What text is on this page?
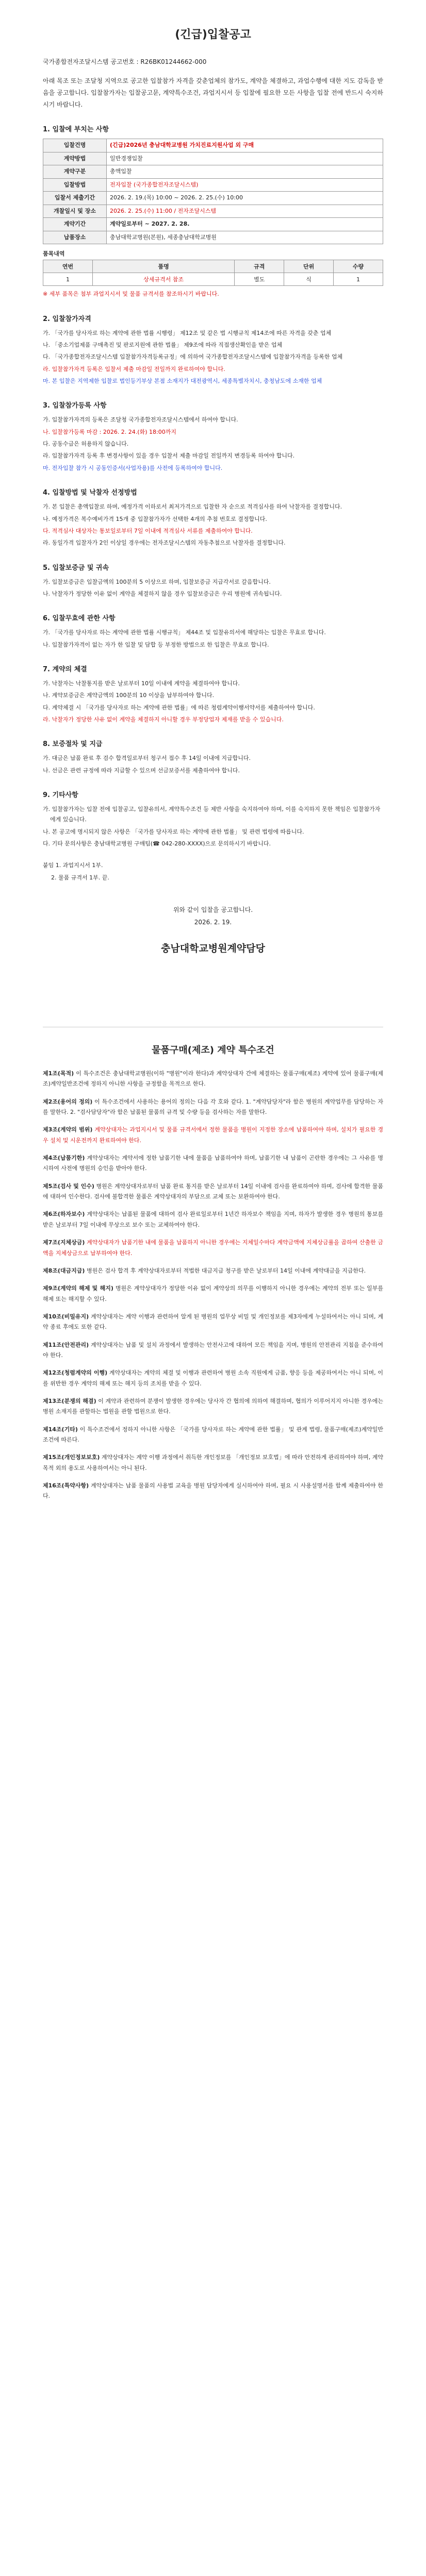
(긴급)입찰공고
국가종합전자조달시스템 공고번호 : R26BK01244662-000
아래 목조 또는 조달청 지역으로 공고한 입찰참가 자격을 갖춘업체의 참가도, 계약을 체결하고, 과업수행에 대한 지도 감독을 받음을 공고합니다. 입찰참가자는 입찰공고문, 계약특수조건, 과업지시서 등 입찰에 필요한 모든 사항을 입찰 전에 반드시 숙지하시기 바랍니다.
1. 입찰에 부치는 사항
입찰건명	(긴급)2026년 충남대학교병원 가치진료지원사업 외 구매
계약방법	일반경쟁입찰
계약구분	총액입찰
입찰방법	전자입찰 (국가종합전자조달시스템)
입찰서 제출기간	2026. 2. 19.(목) 10:00 ~ 2026. 2. 25.(수) 10:00
개찰일시 및 장소	2026. 2. 25.(수) 11:00 / 전자조달시스템
계약기간	계약일로부터 ~ 2027. 2. 28.
납품장소	충남대학교병원(본원), 세종충남대학교병원
품목내역
연번	품명	규격	단위	수량
1	상세규격서 참조	별도	식	1
※ 세부 품목은 첨부 과업지시서 및 물품 규격서를 참조하시기 바랍니다.
2. 입찰참가자격
가. 「국가를 당사자로 하는 계약에 관한 법률 시행령」 제12조 및 같은 법 시행규칙 제14조에 따른 자격을 갖춘 업체
나. 「중소기업제품 구매촉진 및 판로지원에 관한 법률」 제9조에 따라 직접생산확인을 받은 업체
다. 「국가종합전자조달시스템 입찰참가자격등록규정」에 의하여 국가종합전자조달시스템에 입찰참가자격을 등록한 업체
라. 입찰참가자격 등록은 입찰서 제출 마감일 전일까지 완료하여야 합니다.
마. 본 입찰은 지역제한 입찰로 법인등기부상 본점 소재지가 대전광역시, 세종특별자치시, 충청남도에 소재한 업체
3. 입찰참가등록 사항
가. 입찰참가자격의 등록은 조달청 국가종합전자조달시스템에서 하여야 합니다.
나. 입찰참가등록 마감 : 2026. 2. 24.(화) 18:00까지
다. 공동수급은 허용하지 않습니다.
라. 입찰참가자격 등록 후 변경사항이 있을 경우 입찰서 제출 마감일 전일까지 변경등록 하여야 합니다.
마. 전자입찰 참가 시 공동인증서(사업자용)를 사전에 등록하여야 합니다.
4. 입찰방법 및 낙찰자 선정방법
가. 본 입찰은 총액입찰로 하며, 예정가격 이하로서 최저가격으로 입찰한 자 순으로 적격심사를 하여 낙찰자를 결정합니다.
나. 예정가격은 복수예비가격 15개 중 입찰참가자가 선택한 4개의 추첨 번호로 결정합니다.
다. 적격심사 대상자는 통보일로부터 7일 이내에 적격심사 서류를 제출하여야 합니다.
라. 동일가격 입찰자가 2인 이상일 경우에는 전자조달시스템의 자동추첨으로 낙찰자를 결정합니다.
5. 입찰보증금 및 귀속
가. 입찰보증금은 입찰금액의 100분의 5 이상으로 하며, 입찰보증금 지급각서로 갈음합니다.
나. 낙찰자가 정당한 이유 없이 계약을 체결하지 않을 경우 입찰보증금은 우리 병원에 귀속됩니다.
6. 입찰무효에 관한 사항
가. 「국가를 당사자로 하는 계약에 관한 법률 시행규칙」 제44조 및 입찰유의서에 해당하는 입찰은 무효로 합니다.
나. 입찰참가자격이 없는 자가 한 입찰 및 담합 등 부정한 방법으로 한 입찰은 무효로 합니다.
7. 계약의 체결
가. 낙찰자는 낙찰통지를 받은 날로부터 10일 이내에 계약을 체결하여야 합니다.
나. 계약보증금은 계약금액의 100분의 10 이상을 납부하여야 합니다.
다. 계약체결 시 「국가를 당사자로 하는 계약에 관한 법률」에 따른 청렴계약이행서약서를 제출하여야 합니다.
라. 낙찰자가 정당한 사유 없이 계약을 체결하지 아니할 경우 부정당업자 제재를 받을 수 있습니다.
8. 보증절차 및 지급
가. 대금은 납품 완료 후 검수 합격일로부터 청구서 접수 후 14일 이내에 지급합니다.
나. 선금은 관련 규정에 따라 지급할 수 있으며 선금보증서를 제출하여야 합니다.
9. 기타사항
가. 입찰참가자는 입찰 전에 입찰공고, 입찰유의서, 계약특수조건 등 제반 사항을 숙지하여야 하며, 이를 숙지하지 못한 책임은 입찰참가자에게 있습니다.
나. 본 공고에 명시되지 않은 사항은 「국가를 당사자로 하는 계약에 관한 법률」 및 관련 법령에 따릅니다.
다. 기타 문의사항은 충남대학교병원 구매팀(☎ 042-280-XXXX)으로 문의하시기 바랍니다.
붙임 1. 과업지시서 1부.
2. 물품 규격서 1부. 끝.
위와 같이 입찰을 공고합니다.
2026. 2. 19.
충남대학교병원계약담당
물품구매(제조) 계약 특수조건
제1조(목적) 이 특수조건은 충남대학교병원(이하 "병원"이라 한다)과 계약상대자 간에 체결하는 물품구매(제조) 계약에 있어 물품구매(제조)계약일반조건에 정하지 아니한 사항을 규정함을 목적으로 한다.
제2조(용어의 정의) 이 특수조건에서 사용하는 용어의 정의는 다음 각 호와 같다. 1. "계약담당자"라 함은 병원의 계약업무를 담당하는 자를 말한다. 2. "검사담당자"라 함은 납품된 물품의 규격 및 수량 등을 검사하는 자를 말한다.
제3조(계약의 범위) 계약상대자는 과업지시서 및 물품 규격서에서 정한 물품을 병원이 지정한 장소에 납품하여야 하며, 설치가 필요한 경우 설치 및 시운전까지 완료하여야 한다.
제4조(납품기한) 계약상대자는 계약서에 정한 납품기한 내에 물품을 납품하여야 하며, 납품기한 내 납품이 곤란한 경우에는 그 사유를 명시하여 사전에 병원의 승인을 받아야 한다.
제5조(검사 및 인수) 병원은 계약상대자로부터 납품 완료 통지를 받은 날로부터 14일 이내에 검사를 완료하여야 하며, 검사에 합격한 물품에 대하여 인수한다. 검사에 불합격한 물품은 계약상대자의 부담으로 교체 또는 보완하여야 한다.
제6조(하자보수) 계약상대자는 납품된 물품에 대하여 검사 완료일로부터 1년간 하자보수 책임을 지며, 하자가 발생한 경우 병원의 통보를 받은 날로부터 7일 이내에 무상으로 보수 또는 교체하여야 한다.
제7조(지체상금) 계약상대자가 납품기한 내에 물품을 납품하지 아니한 경우에는 지체일수마다 계약금액에 지체상금률을 곱하여 산출한 금액을 지체상금으로 납부하여야 한다.
제8조(대금지급) 병원은 검사 합격 후 계약상대자로부터 적법한 대금지급 청구를 받은 날로부터 14일 이내에 계약대금을 지급한다.
제9조(계약의 해제 및 해지) 병원은 계약상대자가 정당한 이유 없이 계약상의 의무를 이행하지 아니한 경우에는 계약의 전부 또는 일부를 해제 또는 해지할 수 있다.
제10조(비밀유지) 계약상대자는 계약 이행과 관련하여 알게 된 병원의 업무상 비밀 및 개인정보를 제3자에게 누설하여서는 아니 되며, 계약 종료 후에도 또한 같다.
제11조(안전관리) 계약상대자는 납품 및 설치 과정에서 발생하는 안전사고에 대하여 모든 책임을 지며, 병원의 안전관리 지침을 준수하여야 한다.
제12조(청렴계약의 이행) 계약상대자는 계약의 체결 및 이행과 관련하여 병원 소속 직원에게 금품, 향응 등을 제공하여서는 아니 되며, 이를 위반한 경우 계약의 해제 또는 해지 등의 조치를 받을 수 있다.
제13조(분쟁의 해결) 이 계약과 관련하여 분쟁이 발생한 경우에는 당사자 간 협의에 의하여 해결하며, 협의가 이루어지지 아니한 경우에는 병원 소재지를 관할하는 법원을 관할 법원으로 한다.
제14조(기타) 이 특수조건에서 정하지 아니한 사항은 「국가를 당사자로 하는 계약에 관한 법률」 및 관계 법령, 물품구매(제조)계약일반조건에 따른다.
제15조(개인정보보호) 계약상대자는 계약 이행 과정에서 취득한 개인정보를 「개인정보 보호법」에 따라 안전하게 관리하여야 하며, 계약 목적 외의 용도로 사용하여서는 아니 된다.
제16조(특약사항) 계약상대자는 납품 물품의 사용법 교육을 병원 담당자에게 실시하여야 하며, 필요 시 사용설명서를 함께 제출하여야 한다.
